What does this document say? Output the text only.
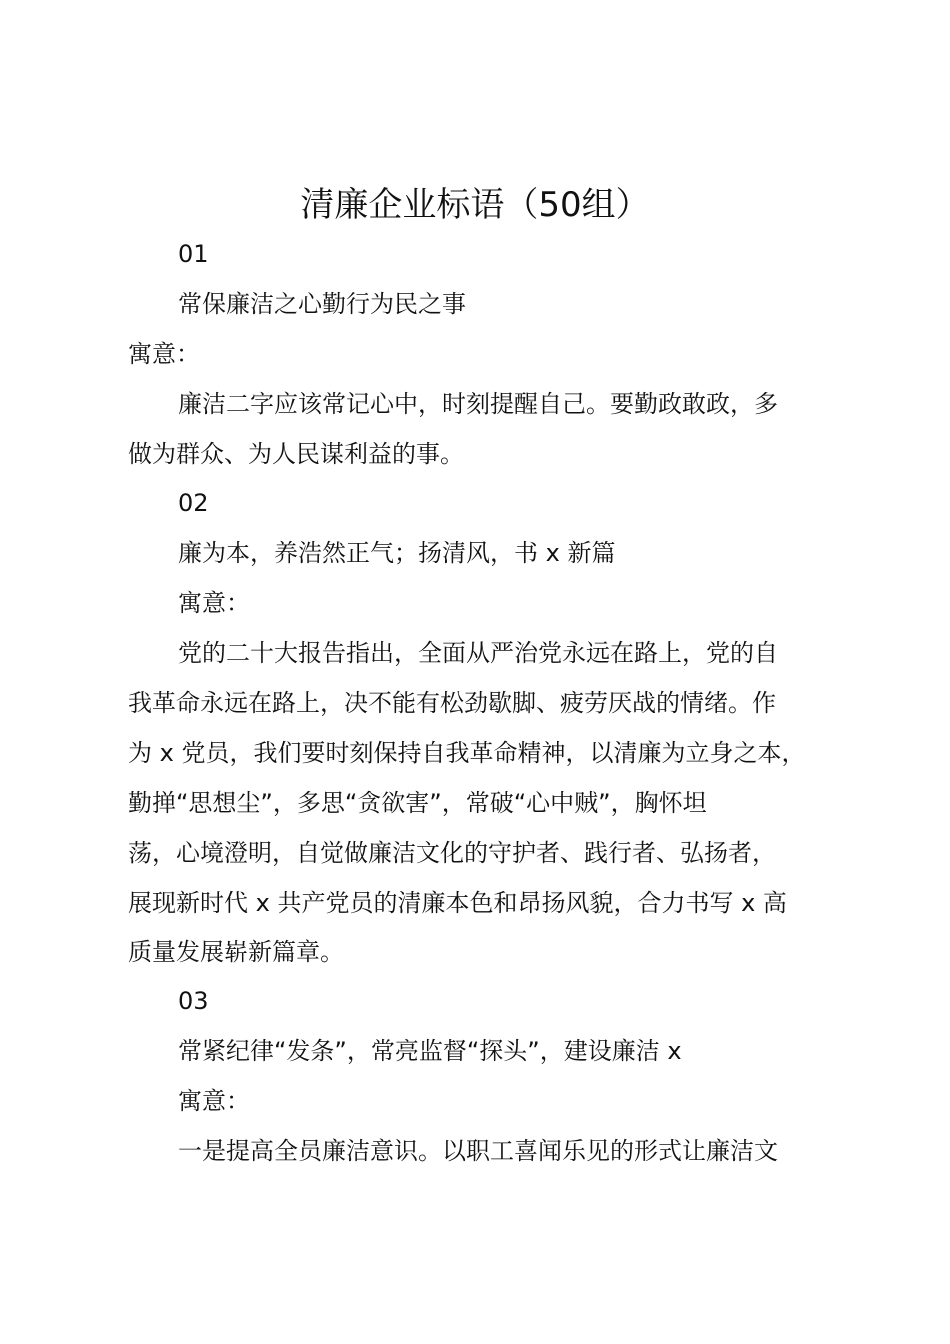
清廉企业标语（50组）
01
常保廉洁之心勤行为民之事
寓意：
廉洁二字应该常记心中，时刻提醒自己。要勤政敢政，多
做为群众、为人民谋利益的事。
02
廉为本，养浩然正气；扬清风，书 x 新篇
寓意：
党的二十大报告指出，全面从严治党永远在路上，党的自
我革命永远在路上，决不能有松劲歇脚、疲劳厌战的情绪。作
为 x 党员，我们要时刻保持自我革命精神，以清廉为立身之本，
勤掸“思想尘”，多思“贪欲害”，常破“心中贼”，胸怀坦
荡，心境澄明，自觉做廉洁文化的守护者、践行者、弘扬者，
展现新时代 x 共产党员的清廉本色和昂扬风貌，合力书写 x 高
质量发展崭新篇章。
03
常紧纪律“发条”，常亮监督“探头”，建设廉洁 x
寓意：
一是提高全员廉洁意识。以职工喜闻乐见的形式让廉洁文
